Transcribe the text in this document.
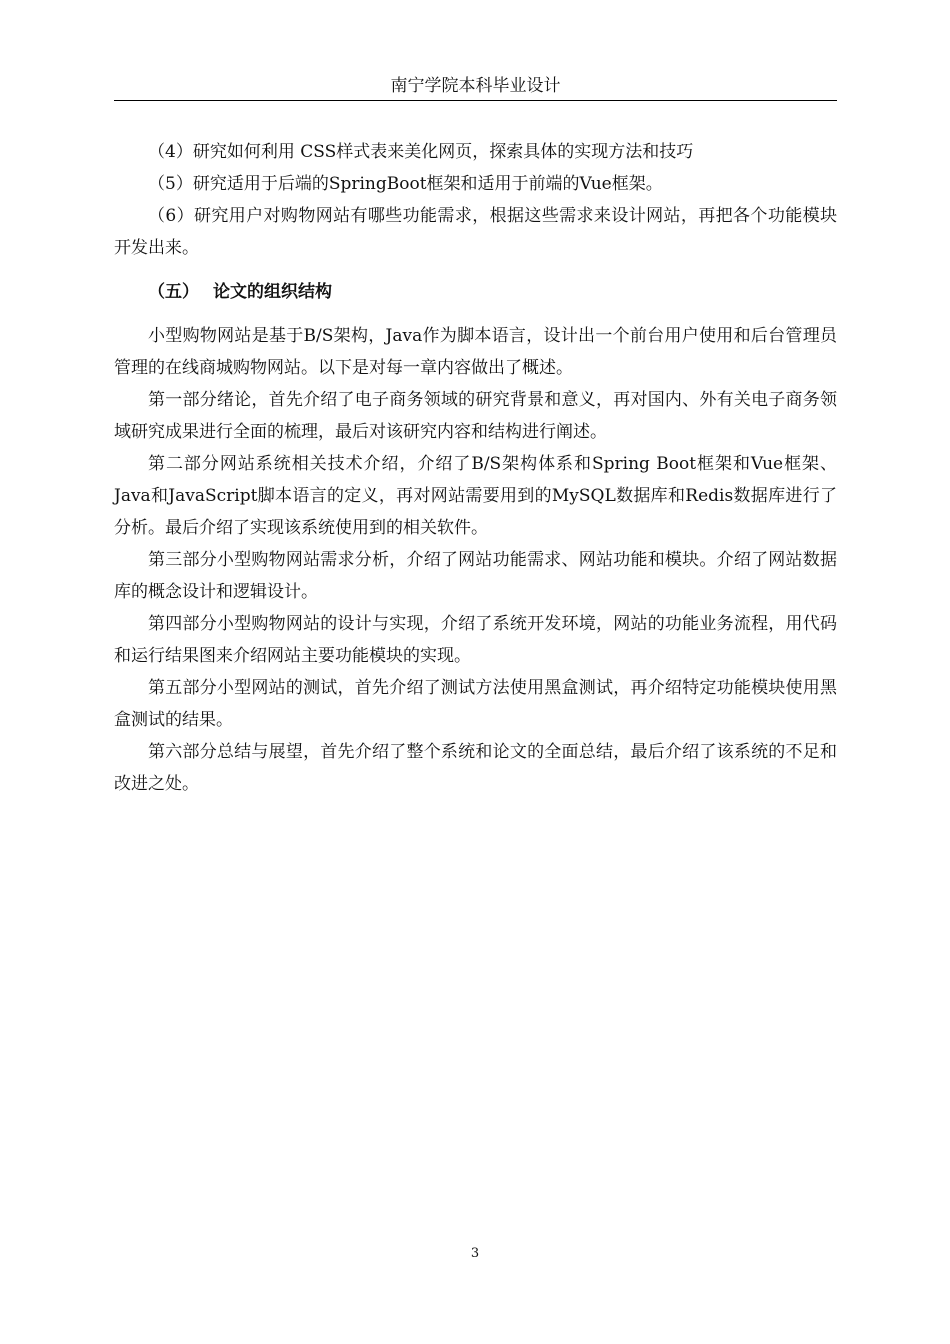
南宁学院本科毕业设计

（4）研究如何利用 CSS样式表来美化网页，探索具体的实现方法和技巧

（5）研究适用于后端的SpringBoot框架和适用于前端的Vue框架。

（6）研究用户对购物网站有哪些功能需求，根据这些需求来设计网站，再把各个功能模块开发出来。

（五） 论文的组织结构

小型购物网站是基于B/S架构，Java作为脚本语言，设计出一个前台用户使用和后台管理员管理的在线商城购物网站。以下是对每一章内容做出了概述。

第一部分绪论，首先介绍了电子商务领域的研究背景和意义，再对国内、外有关电子商务领域研究成果进行全面的梳理，最后对该研究内容和结构进行阐述。

第二部分网站系统相关技术介绍，介绍了B/S架构体系和Spring Boot框架和Vue框架、Java和JavaScript脚本语言的定义，再对网站需要用到的MySQL数据库和Redis数据库进行了分析。最后介绍了实现该系统使用到的相关软件。

第三部分小型购物网站需求分析，介绍了网站功能需求、网站功能和模块。介绍了网站数据库的概念设计和逻辑设计。

第四部分小型购物网站的设计与实现，介绍了系统开发环境，网站的功能业务流程，用代码和运行结果图来介绍网站主要功能模块的实现。

第五部分小型网站的测试，首先介绍了测试方法使用黑盒测试，再介绍特定功能模块使用黑盒测试的结果。

第六部分总结与展望，首先介绍了整个系统和论文的全面总结，最后介绍了该系统的不足和改进之处。

3
